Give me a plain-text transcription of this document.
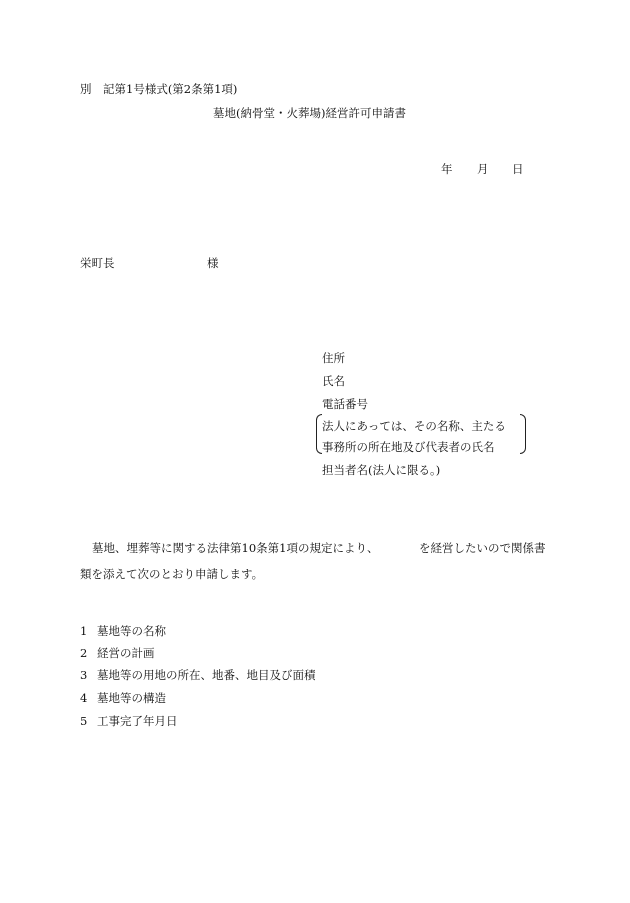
別　記第1号様式(第2条第1項)
墓地(納骨堂・火葬場)経営許可申請書
年 月 日
栄町長	様
住所
氏名
電話番号
法人にあっては、その名称、主たる
事務所の所在地及び代表者の氏名
担当者名(法人に限る。)
墓地、埋葬等に関する法律第10条第1項の規定により、	を経営したいので関係書
類を添えて次のとおり申請します。
1 墓地等の名称
2 経営の計画
3 墓地等の用地の所在、地番、地目及び面積
4 墓地等の構造
5 工事完了年月日
